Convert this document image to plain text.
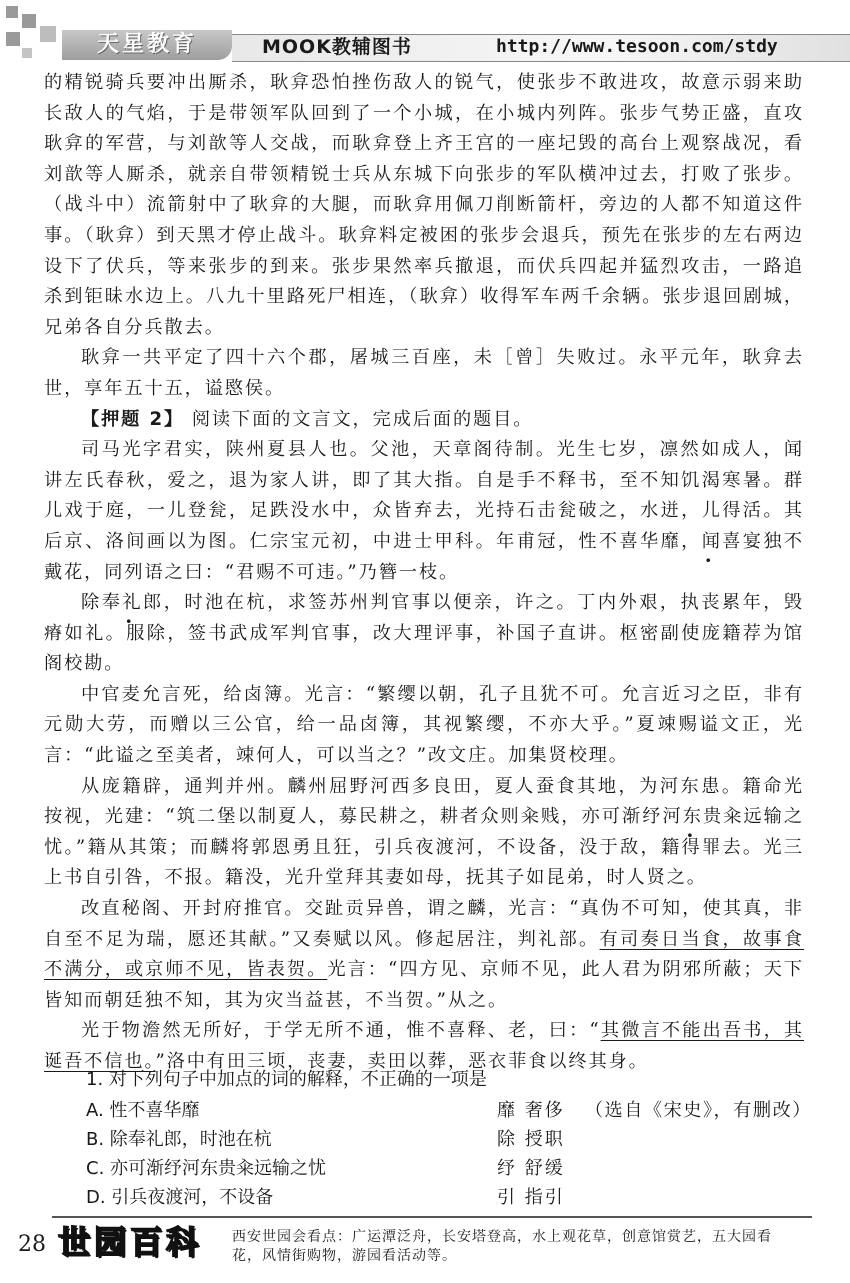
天星教育	MOOK教辅图书	http://www.tesoon.com/stdy

的精锐骑兵要冲出厮杀，耿弇恐怕挫伤敌人的锐气，使张步不敢进攻，故意示弱来助长敌人的气焰，于是带领军队回到了一个小城，在小城内列阵。张步气势正盛，直攻耿弇的军营，与刘歆等人交战，而耿弇登上齐王宫的一座圮毁的高台上观察战况，看刘歆等人厮杀，就亲自带领精锐士兵从东城下向张步的军队横冲过去，打败了张步。（战斗中）流箭射中了耿弇的大腿，而耿弇用佩刀削断箭杆，旁边的人都不知道这件事。（耿弇）到天黑才停止战斗。耿弇料定被困的张步会退兵，预先在张步的左右两边设下了伏兵，等来张步的到来。张步果然率兵撤退，而伏兵四起并猛烈攻击，一路追杀到钜昧水边上。八九十里路死尸相连，（耿弇）收得军车两千余辆。张步退回剧城，兄弟各自分兵散去。

耿弇一共平定了四十六个郡，屠城三百座，未［曾］失败过。永平元年，耿弇去世，享年五十五，谥愍侯。

【押题 2】 阅读下面的文言文，完成后面的题目。

司马光字君实，陕州夏县人也。父池，天章阁待制。光生七岁，凛然如成人，闻讲左氏春秋，爱之，退为家人讲，即了其大指。自是手不释书，至不知饥渴寒暑。群儿戏于庭，一儿登瓮，足跌没水中，众皆弃去，光持石击瓮破之，水迸，儿得活。其后京、洛间画以为图。仁宗宝元初，中进士甲科。年甫冠，性不喜华靡 ·，闻喜宴独不戴花，同列语之曰：“君赐不可违。”乃簪一枝。

除 ·奉礼郎，时池在杭，求签苏州判官事以便亲，许之。丁内外艰，执丧累年，毁瘠如礼。服除，签书武成军判官事，改大理评事，补国子直讲。枢密副使庞籍荐为馆阁校勘。

中官麦允言死，给卤簿。光言：“繁缨以朝，孔子且犹不可。允言近习之臣，非有元勋大劳，而赠以三公官，给一品卤簿，其视繁缨，不亦大乎。”夏竦赐谥文正，光言：“此谥之至美者，竦何人，可以当之？”改文庄。加集贤校理。

从庞籍辟，通判并州。麟州屈野河西多良田，夏人蚕食其地，为河东患。籍命光按视，光建：“筑二堡以制夏人，募民耕之，耕者众则籴贱，亦可渐纾 ·河东贵籴远输之忧。”籍从其策；而麟将郭恩勇且狂，引兵夜渡河，不设备，没于敌，籍得罪去。光三上书自引咎，不报。籍没，光升堂拜其妻如母，抚其子如昆弟，时人贤之。

改直秘阁、开封府推官。交趾贡异兽，谓之麟，光言：“真伪不可知，使其真，非自至不足为瑞，愿还其献。”又奏赋以风。修起居注，判礼部。有司奏日当食，故事食不满分，或京师不见，皆表贺。光言：“四方见、京师不见，此人君为阴邪所蔽；天下皆知而朝廷独不知，其为灾当益甚，不当贺。”从之。

光于物澹然无所好，于学无所不通，惟不喜释、老，曰：“其微言不能出吾书，其诞吾不信也。”洛中有田三顷，丧妻，卖田以葬，恶衣菲食以终其身。

（选自《宋史》，有删改）

1. 对下列句子中加点的词的解释，不正确的一项是
A. 性不喜华靡	靡 奢侈
B. 除奉礼郎，时池在杭	除 授职
C. 亦可渐纾河东贵籴远输之忧	纾 舒缓
D. 引兵夜渡河，不设备	引 指引
28 世园百科	西安世园会看点：广运潭泛舟，长安塔登高，水上观花草，创意馆赏艺，五大园看花，风情街购物，游园看活动等。
